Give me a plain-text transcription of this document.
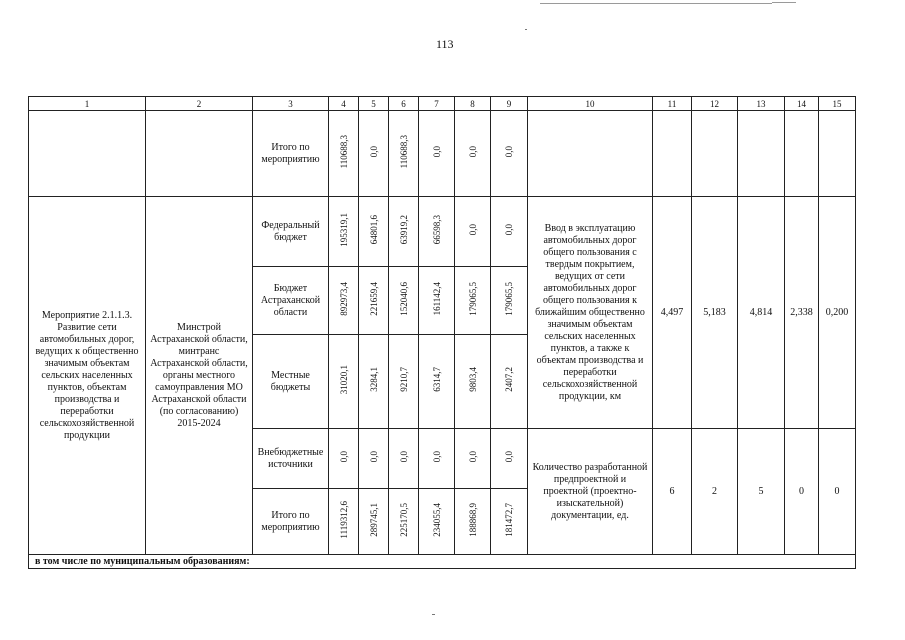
113
1	2	3	4	5	6	7	8	9	10	11	12	13	14	15
		Итого по мероприятию	110688,3	0,0	110688,3	0,0	0,0	0,0						
Мероприятие 2.1.1.3. Развитие сети автомобильных дорог, ведущих к общественно значимым объектам сельских населенных пунктов, объектам производства и переработки сельскохозяйственной продукции	Минстрой Астраханской области, минтранс Астраханской области, органы местного самоуправления МО Астраханской области (по согласованию) 2015-2024	Федеральный бюджет	195319,1	64801,6	63919,2	66598,3	0,0	0,0	Ввод в эксплуатацию автомобильных дорог общего пользования с твердым покрытием, ведущих от сети автомобильных дорог общего пользования к ближайшим общественно значимым объектам сельских населенных пунктов, а также к объектам производства и переработки сельскохозяйственной продукции, км	4,497	5,183	4,814	2,338	0,200
		Бюджет Астраханской области	892973,4	221659,4	152040,6	161142,4	179065,5	179065,5						
		Местные бюджеты	31020,1	3284,1	9210,7	6314,7	9803,4	2407,2						
		Внебюджетные источники	0,0	0,0	0,0	0,0	0,0	0,0	Количество разработанной предпроектной и проектной (проектно-изыскательной) документации, ед.	6	2	5	0	0
		Итого по мероприятию	1119312,6	289745,1	225170,5	234055,4	188868,9	181472,7						
в том числе по муниципальным образованиям:														
